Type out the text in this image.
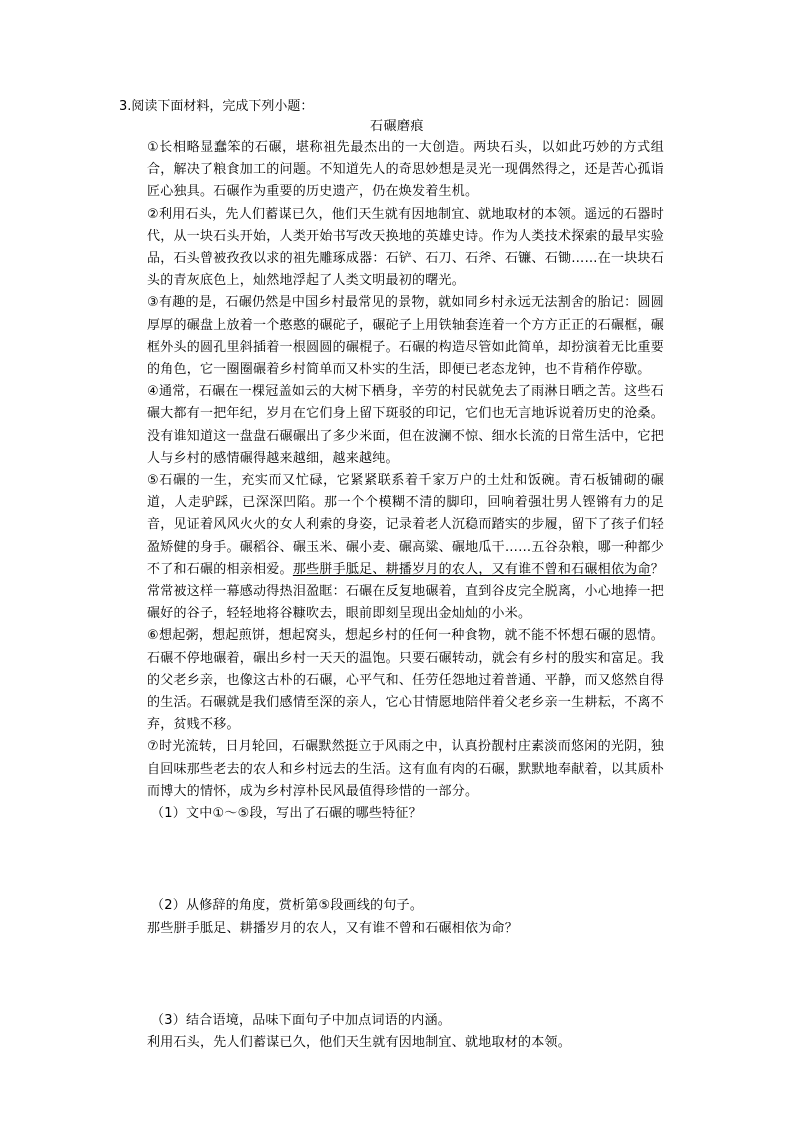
3.阅读下面材料，完成下列小题：
石碾磨痕

①长相略显蠢笨的石碾，堪称祖先最杰出的一大创造。两块石头，以如此巧妙的方式组合，解决了粮食加工的问题。不知道先人的奇思妙想是灵光一现偶然得之，还是苦心孤诣匠心独具。石碾作为重要的历史遗产，仍在焕发着生机。

②利用石头，先人们蓄谋已久，他们天生就有因地制宜、就地取材的本领。遥远的石器时代，从一块石头开始，人类开始书写改天换地的英雄史诗。作为人类技术探索的最早实验品，石头曾被孜孜以求的祖先雕琢成器：石铲、石刀、石斧、石镰、石锄……在一块块石头的青灰底色上，灿然地浮起了人类文明最初的曙光。

③有趣的是，石碾仍然是中国乡村最常见的景物，就如同乡村永远无法割舍的胎记：圆圆厚厚的碾盘上放着一个憨憨的碾砣子，碾砣子上用铁轴套连着一个方方正正的石碾框，碾框外头的圆孔里斜插着一根圆圆的碾棍子。石碾的构造尽管如此简单，却扮演着无比重要的角色，它一圈圈碾着乡村简单而又朴实的生活，即便已老态龙钟，也不肯稍作停歇。

④通常，石碾在一棵冠盖如云的大树下栖身，辛劳的村民就免去了雨淋日晒之苦。这些石碾大都有一把年纪，岁月在它们身上留下斑驳的印记，它们也无言地诉说着历史的沧桑。没有谁知道这一盘盘石碾碾出了多少米面，但在波澜不惊、细水长流的日常生活中，它把人与乡村的感情碾得越来越细，越来越纯。

⑤石碾的一生，充实而又忙碌，它紧紧联系着千家万户的土灶和饭碗。青石板铺砌的碾道，人走驴踩，已深深凹陷。那一个个模糊不清的脚印，回响着强壮男人铿锵有力的足音，见证着风风火火的女人利索的身姿，记录着老人沉稳而踏实的步履，留下了孩子们轻盈矫健的身手。碾稻谷、碾玉米、碾小麦、碾高粱、碾地瓜干……五谷杂粮，哪一种都少不了和石碾的相亲相爱。那些胼手胝足、耕播岁月的农人，又有谁不曾和石碾相依为命？常常被这样一幕感动得热泪盈眶：石碾在反复地碾着，直到谷皮完全脱离，小心地捧一把碾好的谷子，轻轻地将谷糠吹去，眼前即刻呈现出金灿灿的小米。

⑥想起粥，想起煎饼，想起窝头，想起乡村的任何一种食物，就不能不怀想石碾的恩情。石碾不停地碾着，碾出乡村一天天的温饱。只要石碾转动，就会有乡村的殷实和富足。我的父老乡亲，也像这古朴的石碾，心平气和、任劳任怨地过着普通、平静，而又悠然自得的生活。石碾就是我们感情至深的亲人，它心甘情愿地陪伴着父老乡亲一生耕耘，不离不弃，贫贱不移。

⑦时光流转，日月轮回，石碾默然挺立于风雨之中，认真扮靓村庄素淡而悠闲的光阴，独自回味那些老去的农人和乡村远去的生活。这有血有肉的石碾，默默地奉献着，以其质朴而博大的情怀，成为乡村淳朴民风最值得珍惜的一部分。

（1）文中①～⑤段，写出了石碾的哪些特征？

（2）从修辞的角度，赏析第⑤段画线的句子。

那些胼手胝足、耕播岁月的农人，又有谁不曾和石碾相依为命？

（3）结合语境，品味下面句子中加点词语的内涵。

利用石头，先人们蓄谋已久，他们天生就有因地制宜、就地取材的本领。
